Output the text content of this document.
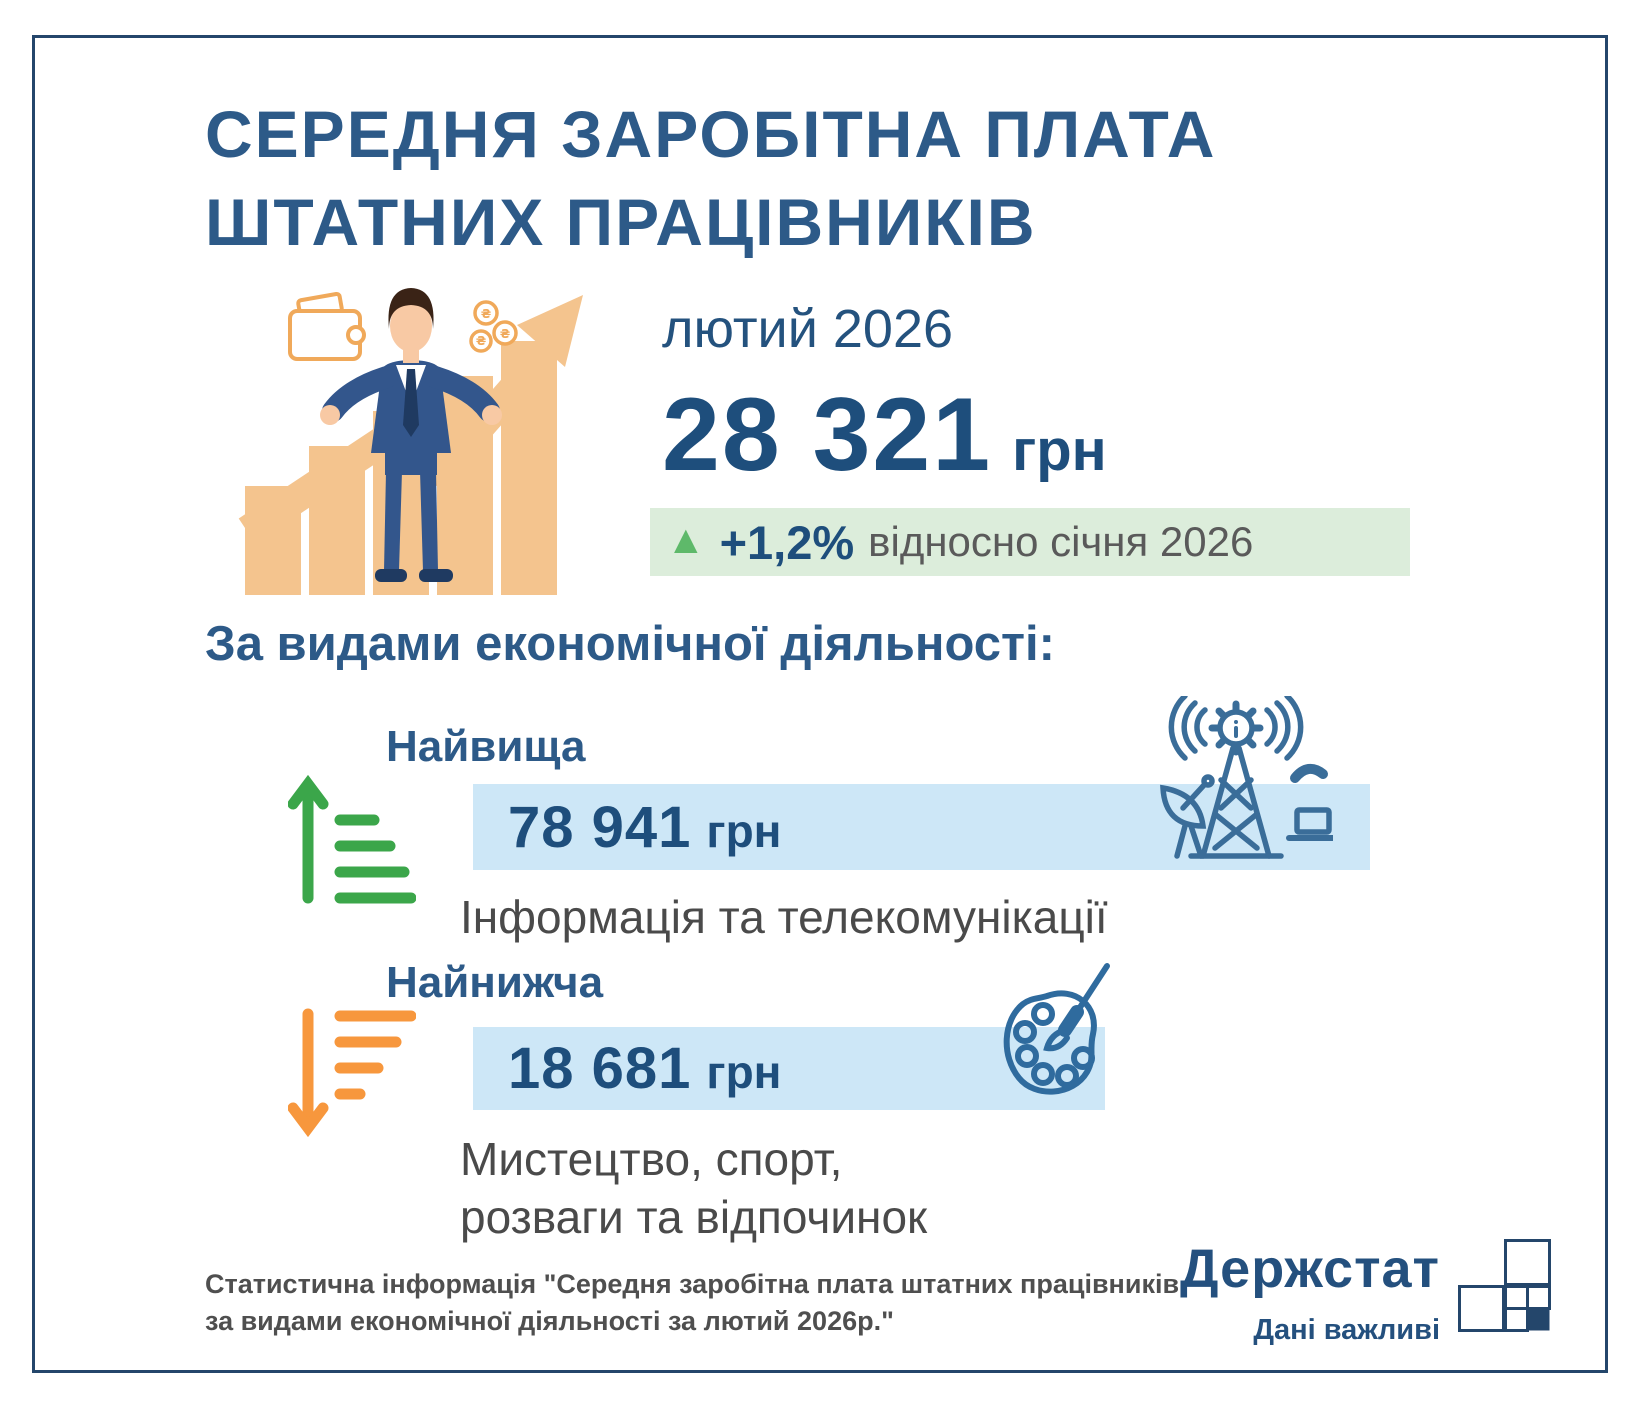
СЕРЕДНЯ ЗАРОБІТНА ПЛАТА
ШТАТНИХ ПРАЦІВНИКІВ
₴
₴
₴	лютий 2026
28 321 грн
▲ +1,2% відносно січня 2026
За видами економічної діяльності:
Найвища
78 941 грн
Інформація та телекомунікації
Найнижча
18 681 грн
Мистецтво, спорт,
розваги та відпочинок
Статистична інформація "Середня заробітна плата штатних працівників
за видами економічної діяльності за лютий 2026р."
Держстат
Дані важливі
